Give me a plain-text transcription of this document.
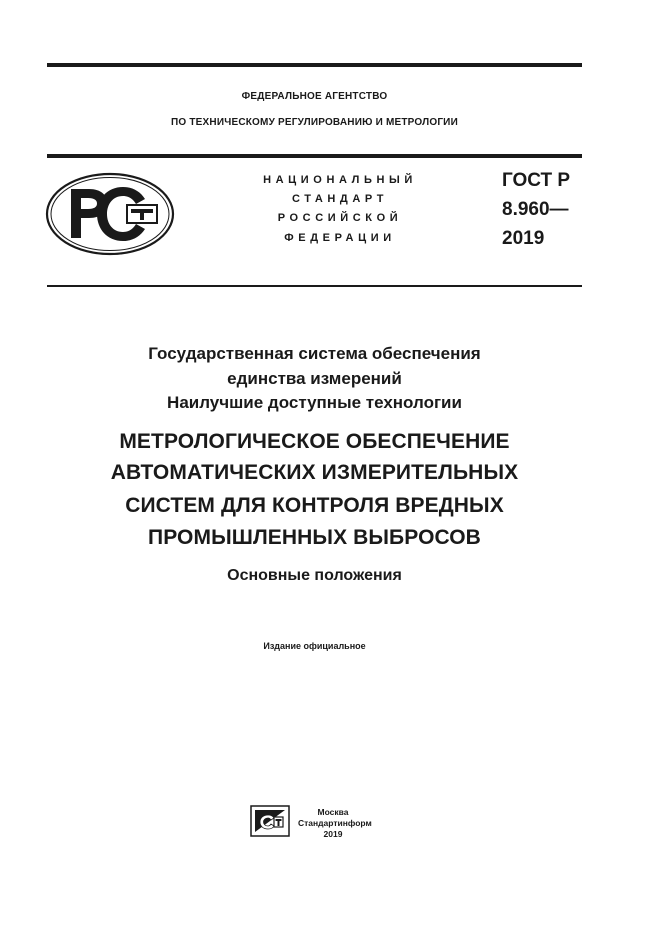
ФЕДЕРАЛЬНОЕ АГЕНТСТВО
ПО ТЕХНИЧЕСКОМУ РЕГУЛИРОВАНИЮ И МЕТРОЛОГИИ
НАЦИОНАЛЬНЫЙ
СТАНДАРТ
РОССИЙСКОЙ
ФЕДЕРАЦИИ
ГОСТ Р
8.960—
2019
Государственная система обеспечения
единства измерений
Наилучшие доступные технологии
МЕТРОЛОГИЧЕСКОЕ ОБЕСПЕЧЕНИЕ
АВТОМАТИЧЕСКИХ ИЗМЕРИТЕЛЬНЫХ
СИСТЕМ ДЛЯ КОНТРОЛЯ ВРЕДНЫХ
ПРОМЫШЛЕННЫХ ВЫБРОСОВ
Основные положения
Издание официальное
Москва
Стандартинформ
2019
